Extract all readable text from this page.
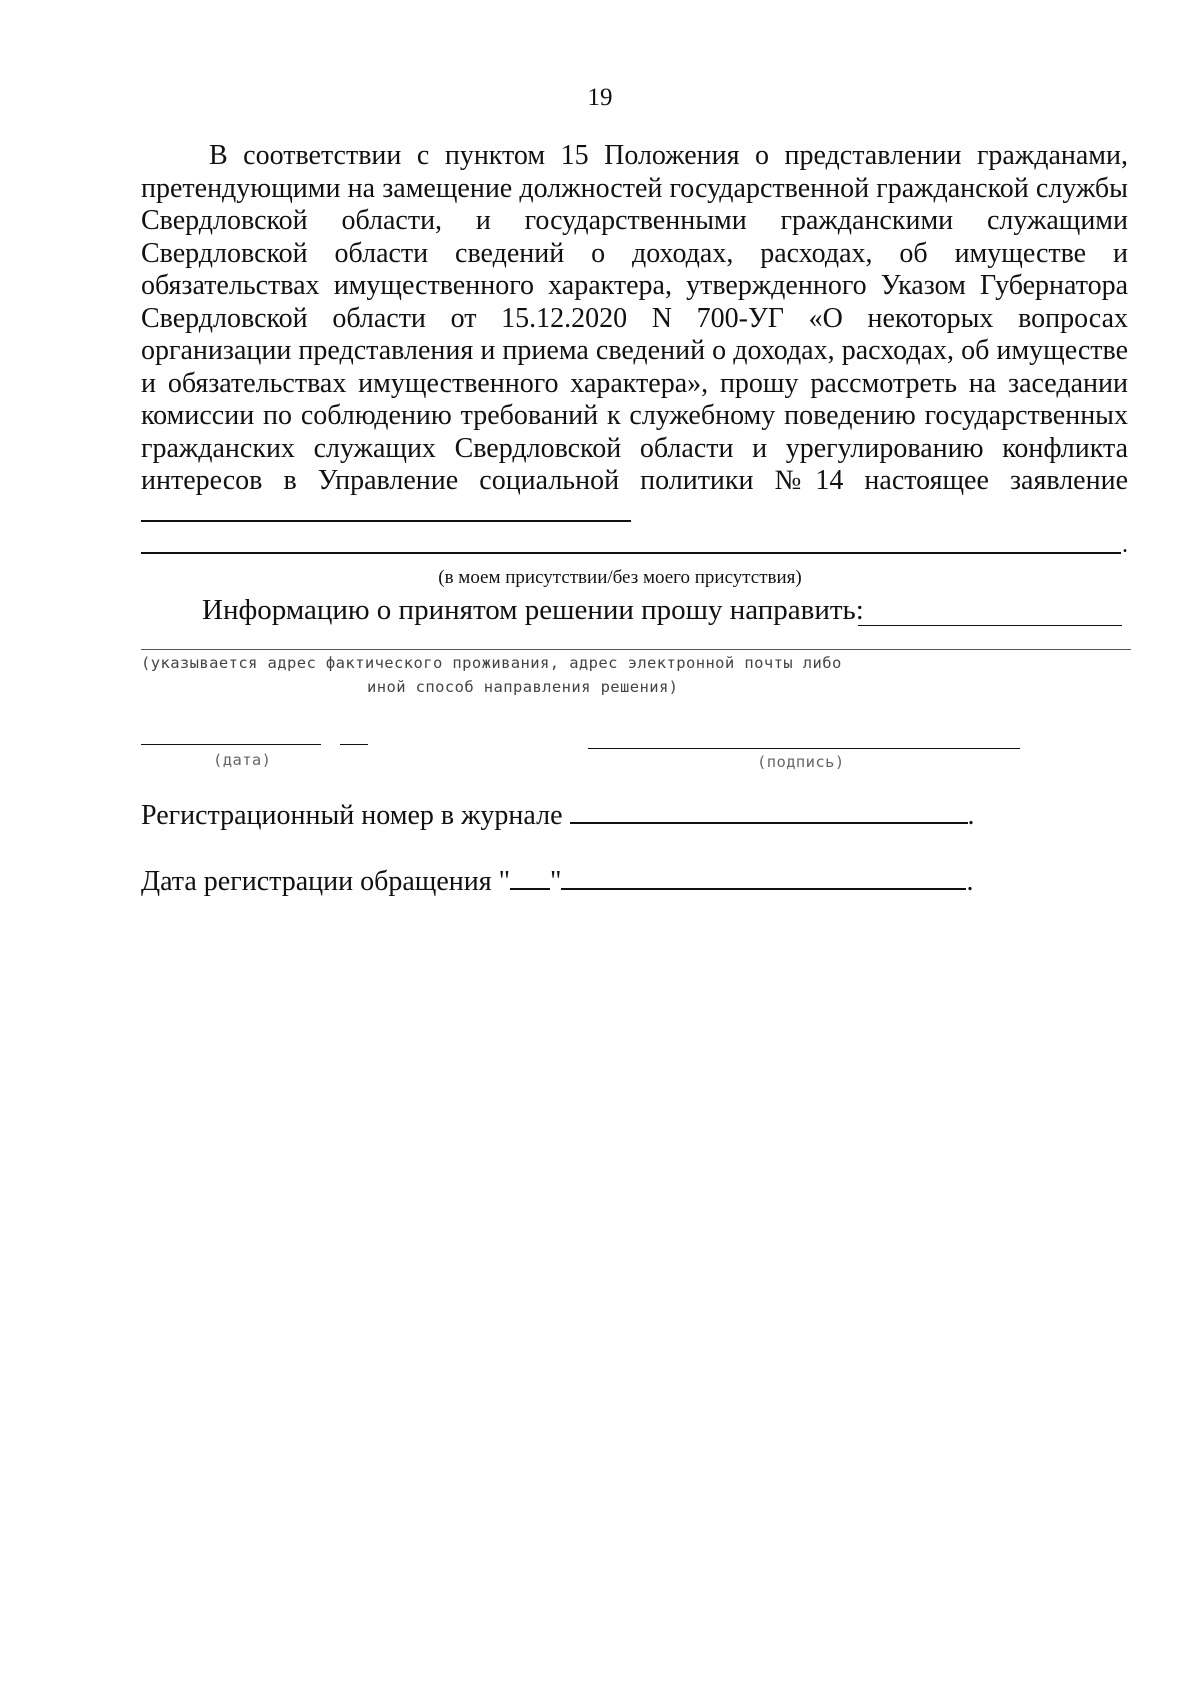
19
В соответствии с пунктом 15 Положения о представлении гражданами, претендующими на замещение должностей государственной гражданской службы Свердловской области, и государственными гражданскими служащими Свердловской области сведений о доходах, расходах, об имуществе и обязательствах имущественного характера, утвержденного Указом Губернатора Свердловской области от 15.12.2020 N 700-УГ «О некоторых вопросах организации представления и приема сведений о доходах, расходах, об имуществе и обязательствах имущественного характера», прошу рассмотреть на заседании комиссии по соблюдению требований к служебному поведению государственных гражданских служащих Свердловской области и урегулированию конфликта интересов в Управление социальной политики №14 настоящее заявление
.
(в моем присутствии/без моего присутствия)
Информацию о принятом решении прошу направить:
(указывается адрес фактического проживания, адрес электронной почты либо
иной способ направления решения)
(дата)	(подпись)
Регистрационный номер в журнале	.
Дата регистрации обращения " "	.
